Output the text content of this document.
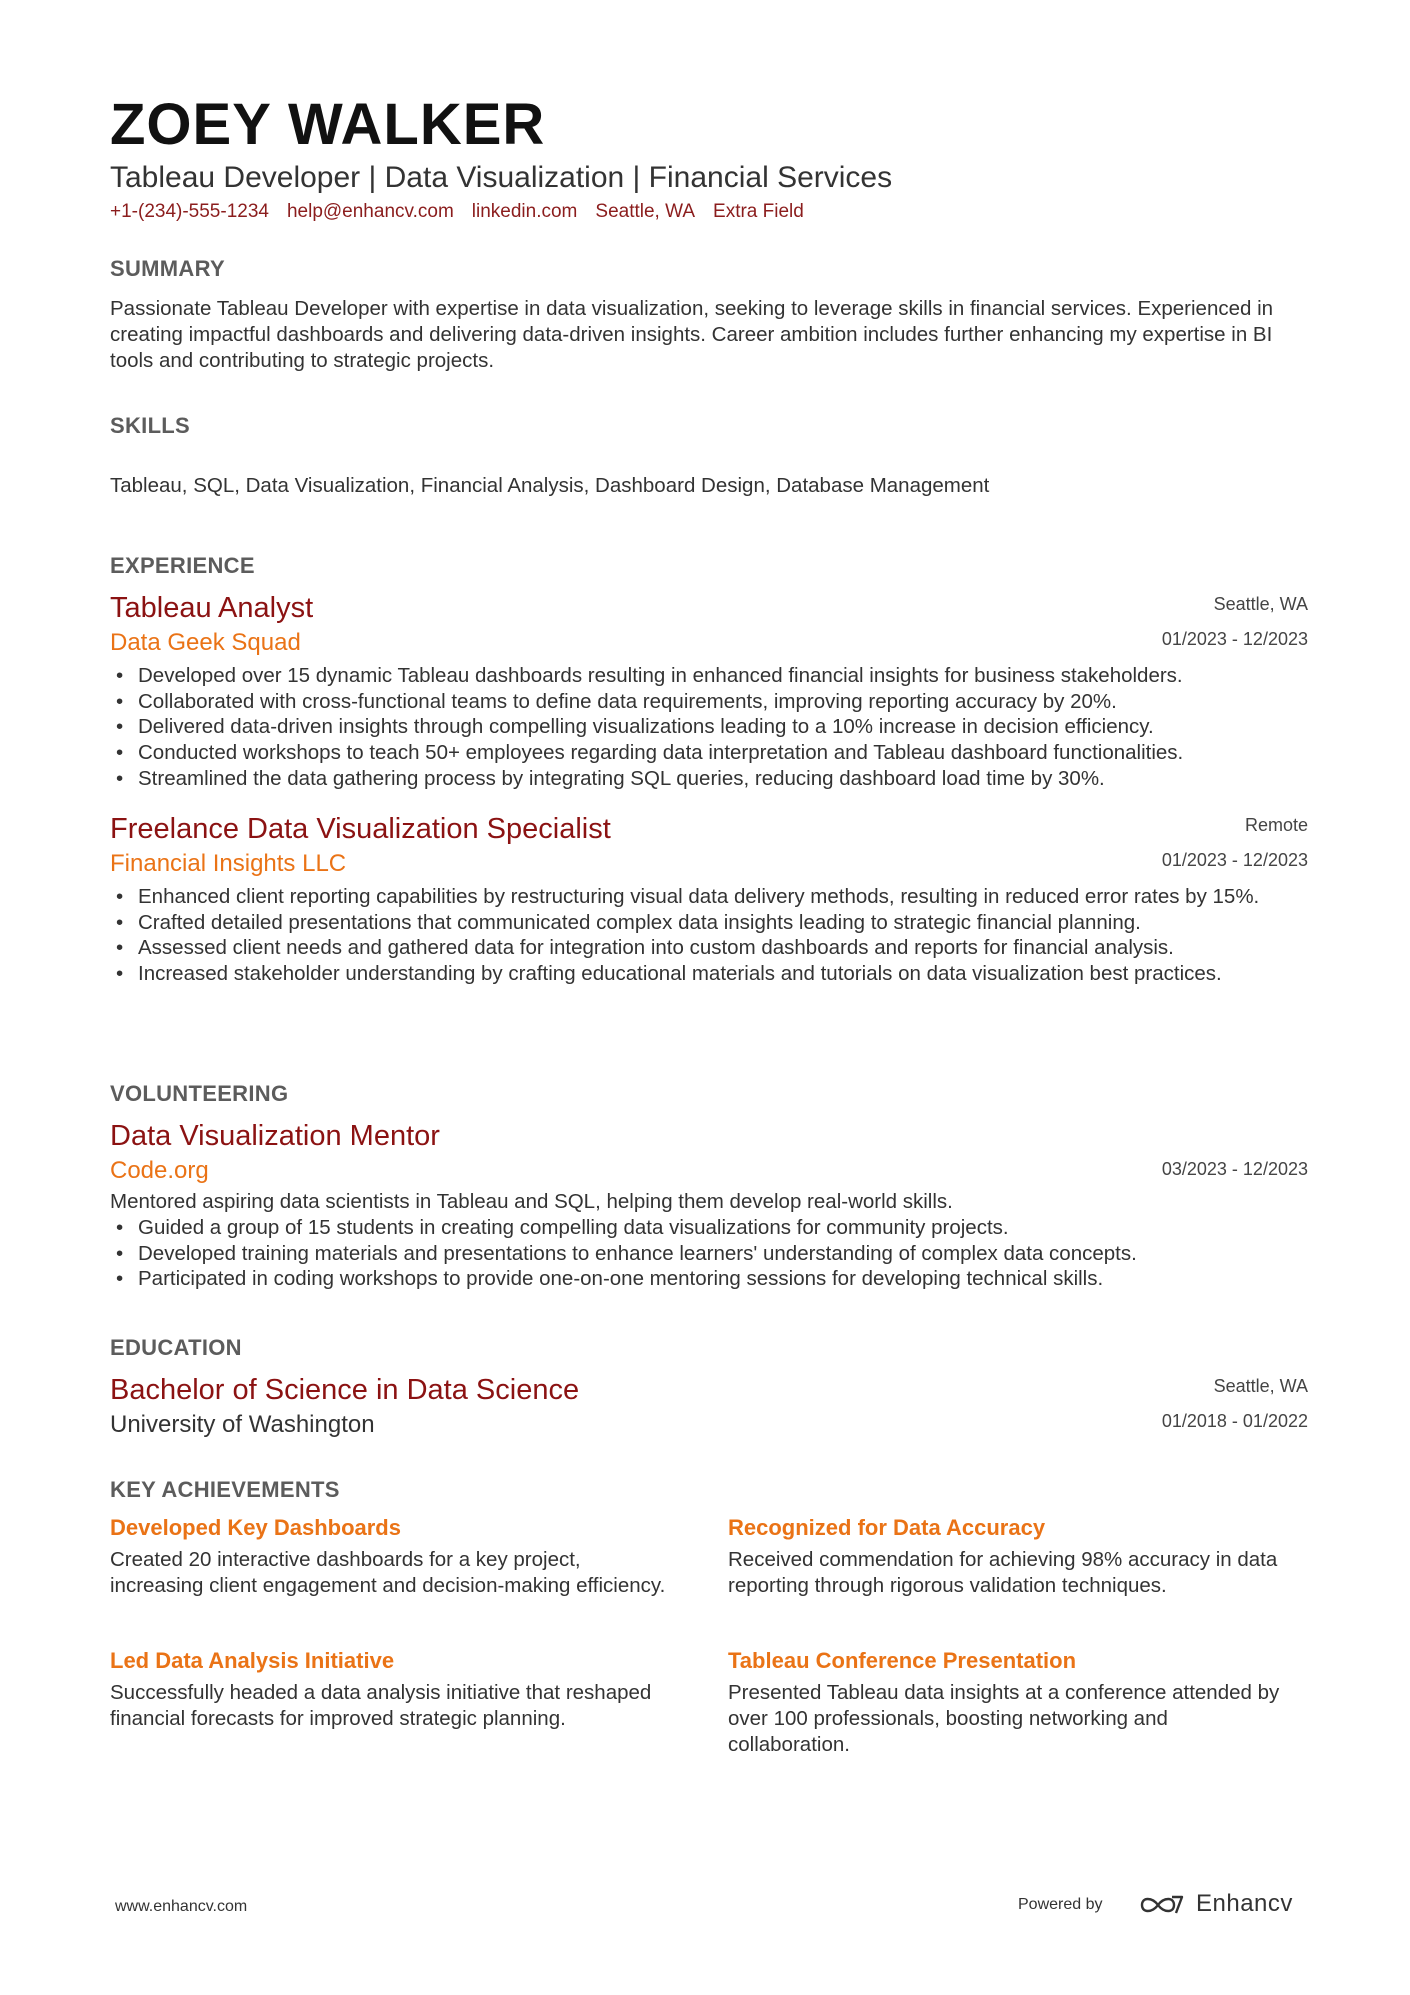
ZOEY WALKER
Tableau Developer | Data Visualization | Financial Services
+1-(234)-555-1234 help@enhancv.com linkedin.com Seattle, WA Extra Field
SUMMARY
Passionate Tableau Developer with expertise in data visualization, seeking to leverage skills in financial services. Experienced in creating impactful dashboards and delivering data-driven insights. Career ambition includes further enhancing my expertise in BI tools and contributing to strategic projects.
SKILLS
Tableau, SQL, Data Visualization, Financial Analysis, Dashboard Design, Database Management
EXPERIENCE
Tableau Analyst	Seattle, WA
Data Geek Squad	01/2023 - 12/2023
• Developed over 15 dynamic Tableau dashboards resulting in enhanced financial insights for business stakeholders.
• Collaborated with cross-functional teams to define data requirements, improving reporting accuracy by 20%.
• Delivered data-driven insights through compelling visualizations leading to a 10% increase in decision efficiency.
• Conducted workshops to teach 50+ employees regarding data interpretation and Tableau dashboard functionalities.
• Streamlined the data gathering process by integrating SQL queries, reducing dashboard load time by 30%.
Freelance Data Visualization Specialist	Remote
Financial Insights LLC	01/2023 - 12/2023
• Enhanced client reporting capabilities by restructuring visual data delivery methods, resulting in reduced error rates by 15%.
• Crafted detailed presentations that communicated complex data insights leading to strategic financial planning.
• Assessed client needs and gathered data for integration into custom dashboards and reports for financial analysis.
• Increased stakeholder understanding by crafting educational materials and tutorials on data visualization best practices.
VOLUNTEERING
Data Visualization Mentor
Code.org	03/2023 - 12/2023
Mentored aspiring data scientists in Tableau and SQL, helping them develop real-world skills.
• Guided a group of 15 students in creating compelling data visualizations for community projects.
• Developed training materials and presentations to enhance learners' understanding of complex data concepts.
• Participated in coding workshops to provide one-on-one mentoring sessions for developing technical skills.
EDUCATION
Bachelor of Science in Data Science	Seattle, WA
University of Washington	01/2018 - 01/2022
KEY ACHIEVEMENTS
Developed Key Dashboards
Created 20 interactive dashboards for a key project, increasing client engagement and decision-making efficiency.
Recognized for Data Accuracy
Received commendation for achieving 98% accuracy in data reporting through rigorous validation techniques.
Led Data Analysis Initiative
Successfully headed a data analysis initiative that reshaped financial forecasts for improved strategic planning.
Tableau Conference Presentation
Presented Tableau data insights at a conference attended by over 100 professionals, boosting networking and collaboration.
www.enhancv.com	Powered by	Enhancv
